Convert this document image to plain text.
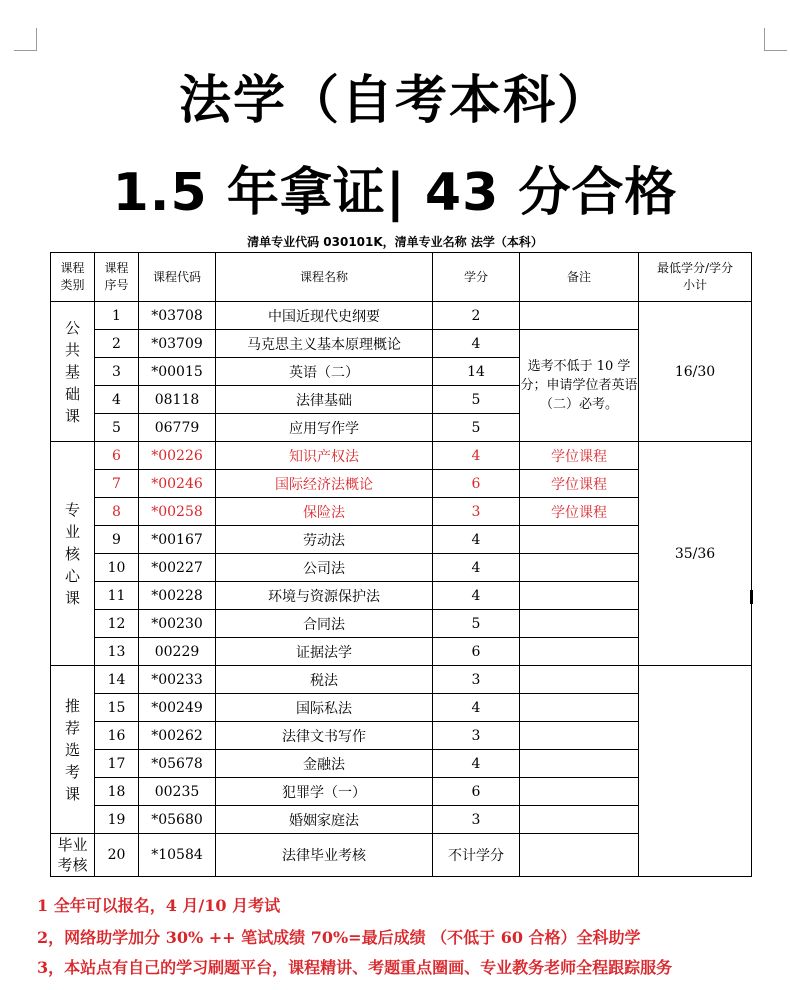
法学（自考本科）
1.5 年拿证| 43 分合格
清单专业代码 030101K，清单专业名称 法学（本科）
课程类别	课程序号	课程代码	课程名称	学分	备注	最低学分/学分小计
公共基础课	1	*03708	中国近现代史纲要	2		16/30
	2	*03709	马克思主义基本原理概论	4	选考不低于 10 学分；申请学位者英语（二）必考。	
	3	*00015	英语（二）	14		
	4	08118	法律基础	5		
	5	06779	应用写作学	5		
专业核心课	6	*00226	知识产权法	4	学位课程	35/36
	7	*00246	国际经济法概论	6	学位课程	
	8	*00258	保险法	3	学位课程	
	9	*00167	劳动法	4		
	10	*00227	公司法	4		
	11	*00228	环境与资源保护法	4		
	12	*00230	合同法	5		
	13	00229	证据法学	6		
推荐选考课	14	*00233	税法	3		
	15	*00249	国际私法	4		
	16	*00262	法律文书写作	3		
	17	*05678	金融法	4		
	18	00235	犯罪学（一）	6		
	19	*05680	婚姻家庭法	3		
毕业考核	20	*10584	法律毕业考核	不计学分		

1 全年可以报名，4 月/10 月考试

2，网络助学加分 30% ++ 笔试成绩 70%=最后成绩 （不低于 60 合格）全科助学

3，本站点有自己的学习刷题平台，课程精讲、考题重点圈画、专业教务老师全程跟踪服务
